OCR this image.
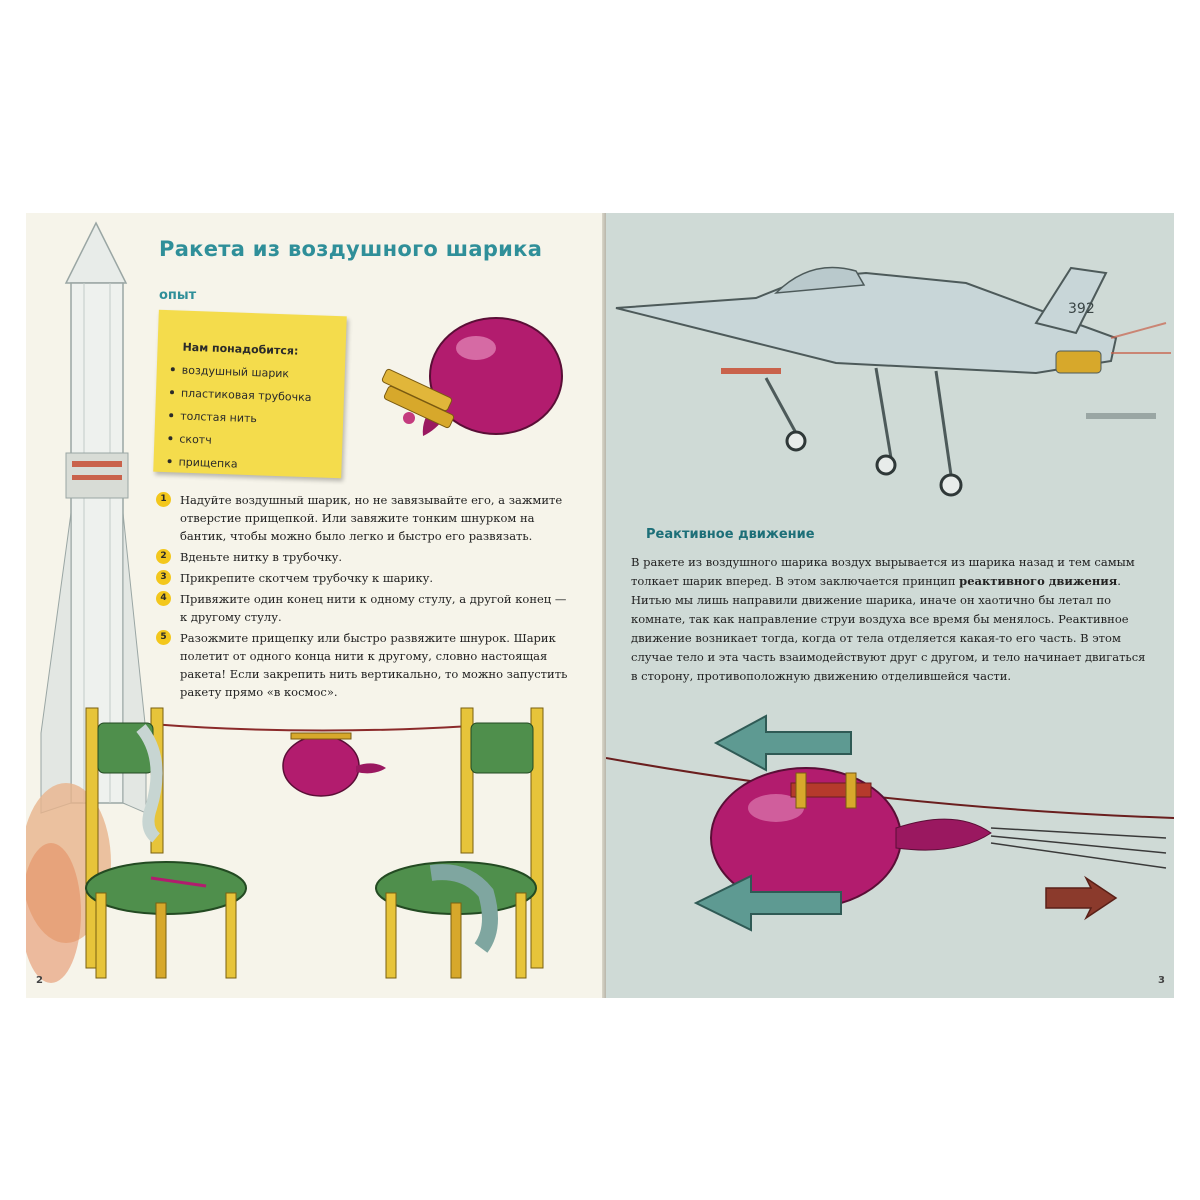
Ракета из воздушного шарика
опыт
Нам понадобится:
воздушный шарик
пластиковая трубочка
толстая нить
скотч
прищепка
1	Надуйте воздушный шарик, но не завязывайте его, а зажмите отверстие прищепкой. Или завяжите тонким шнурком на бантик, чтобы можно было легко и быстро его развязать.
2	Вденьте нитку в трубочку.
3	Прикрепите скотчем трубочку к шарику.
4	Привяжите один конец нити к одному стулу, а другой конец — к другому стулу.
5	Разожмите прищепку или быстро развяжите шнурок. Шарик полетит от одного конца нити к другому, словно настоящая ракета! Если закрепить нить вертикально, то можно запустить ракету прямо «в космос».
2
392
Реактивное движение

В ракете из воздушного шарика воздух вырывается из шарика назад и тем самым толкает шарик вперед. В этом заключается принцип реактивного движения. Нитью мы лишь направили движение шарика, иначе он хаотично бы летал по комнате, так как направление струи воздуха все время бы менялось. Реактивное движение возникает тогда, когда от тела отделяется какая-то его часть. В этом случае тело и эта часть взаимодействуют друг с другом, и тело начинает двигаться в сторону, противоположную движению отделившейся части.

3
